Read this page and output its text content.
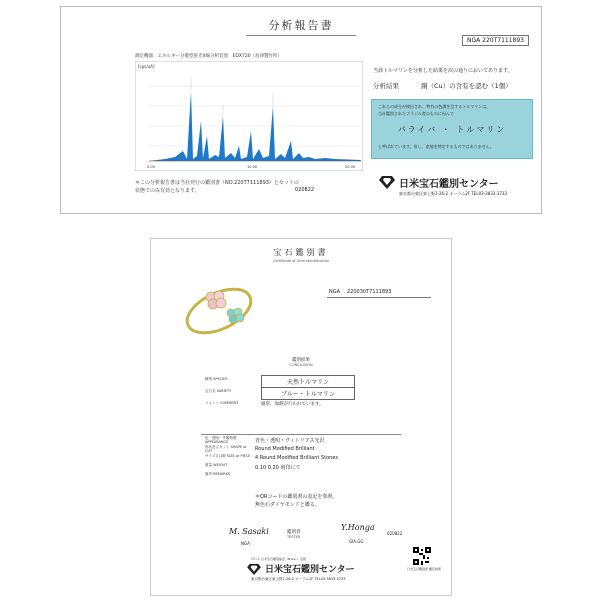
分析報告書
NGA 220T7111893
測定機器：エネルギー分散型蛍光X線分析装置　EDX720（島津製作所）
[cps/uA]
0.00	10.00	20.00
＊この分析報告書は当社発行の鑑別書（NO.220T7111893）とセットの
状態でのみ有効となります。	020822
当該トルマリンを分析した結果を次の通りにおいてあります。
分析結果	銅（Cu）の含有を認む（1個）
これらの成分が検出され、特有の色調を呈するトルマリンは、
当社鑑別されたブラジル産のものに因んで
パライバ ・ トルマリン
と呼ばれています。但し、産地を特定するものではありません。
日米宝石鑑別センター
東京都台東区東上野1-26-2 オーラム2F TEL03-3833-3733
宝石鑑別書
Certificate of Gem Identification
NGA 220030T7111893
鑑別結果
CONCLUSION
種別 SPECIES	天然トルマリン
宝石名 VARIETY	ブルー・トルマリン
コメント COMMENT	通常、加熱が行われています。
色・透明・外観特徴 APPEARANCE	青色・透明・ヴィトリアス光沢
形状及びカット SHAPE or CUT	Round Modified Brilliant
サイズ又は数 SIZE or PIECE 4 Round Modified Brilliant Stones
重量 WEIGHT	0.10 0.20 刻印にて
備考 REMARKS
＊QRコードの鑑別書の表記を参照。
無色石ダイヤモンドと鑑る。
M. Sasaki
NGA
鑑別者
TESTER
Y.Honga
GIA.GG
020822
日米宝石鑑別書 鑑定結果
ＮＧＡ 日米宝石鑑別協会（N.G.L.）会員
日米宝石鑑別センター
東京都台東区東上野1-26-2 オーラム2F TEL03-3833-3733
